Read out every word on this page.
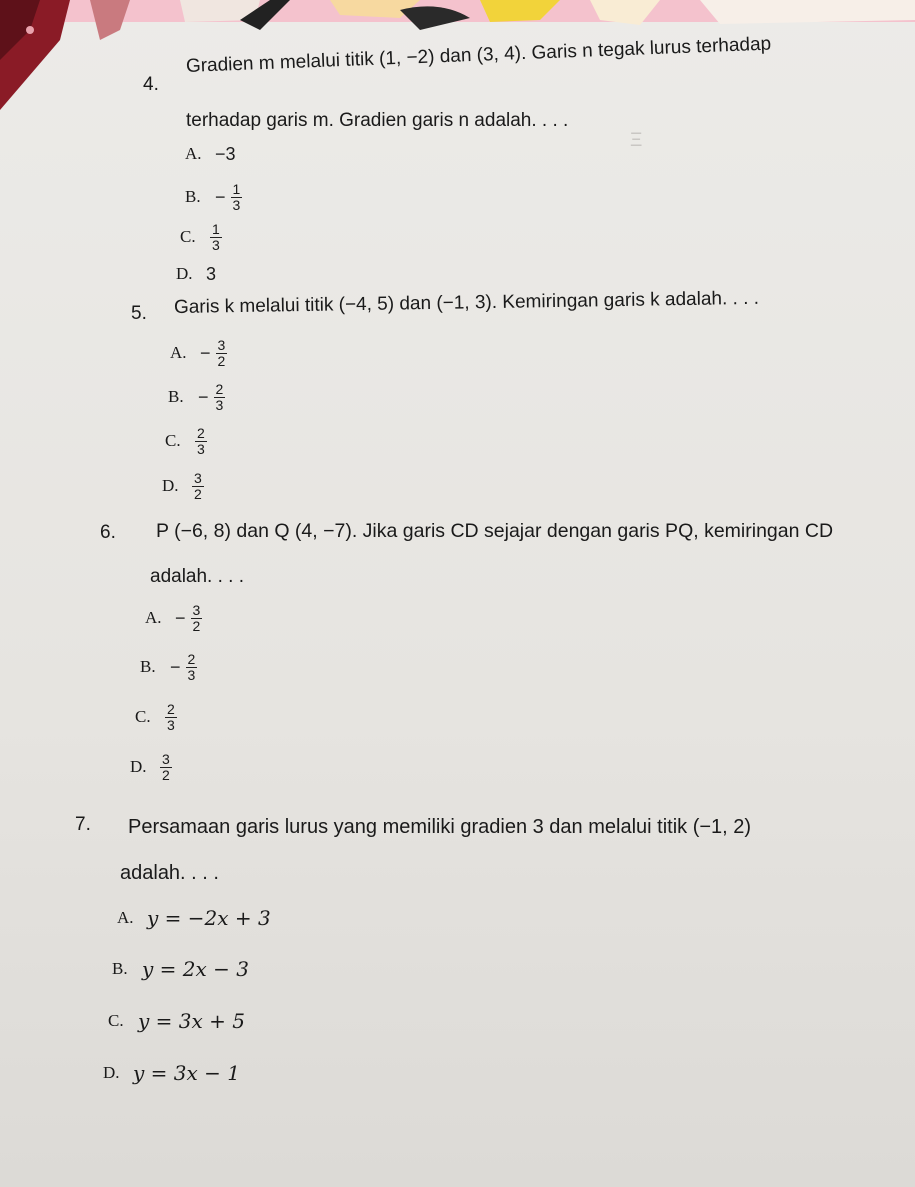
Ξ
4.
Gradien m melalui titik (1, −2) dan (3, 4). Garis n tegak lurus terhadap
terhadap garis m. Gradien garis n adalah. . . .
A. −3
B. − $\frac{1}{3}$
C. $\frac{1}{3}$
D. 3
5. Garis k melalui titik (−4, 5) dan (−1, 3). Kemiringan garis k adalah. . . .
A. − $\frac{3}{2}$
B. − $\frac{2}{3}$
C. $\frac{2}{3}$
D. $\frac{3}{2}$
6. P (−6, 8) dan Q (4, −7). Jika garis CD sejajar dengan garis PQ, kemiringan CD
adalah. . . .
A. − $\frac{3}{2}$
B. − $\frac{2}{3}$
C. $\frac{2}{3}$
D. $\frac{3}{2}$
7. Persamaan garis lurus yang memiliki gradien 3 dan melalui titik (−1, 2)
adalah. . . .
A. y = −2x + 3
B. y = 2x − 3
C. y = 3x + 5
D. y = 3x − 1
